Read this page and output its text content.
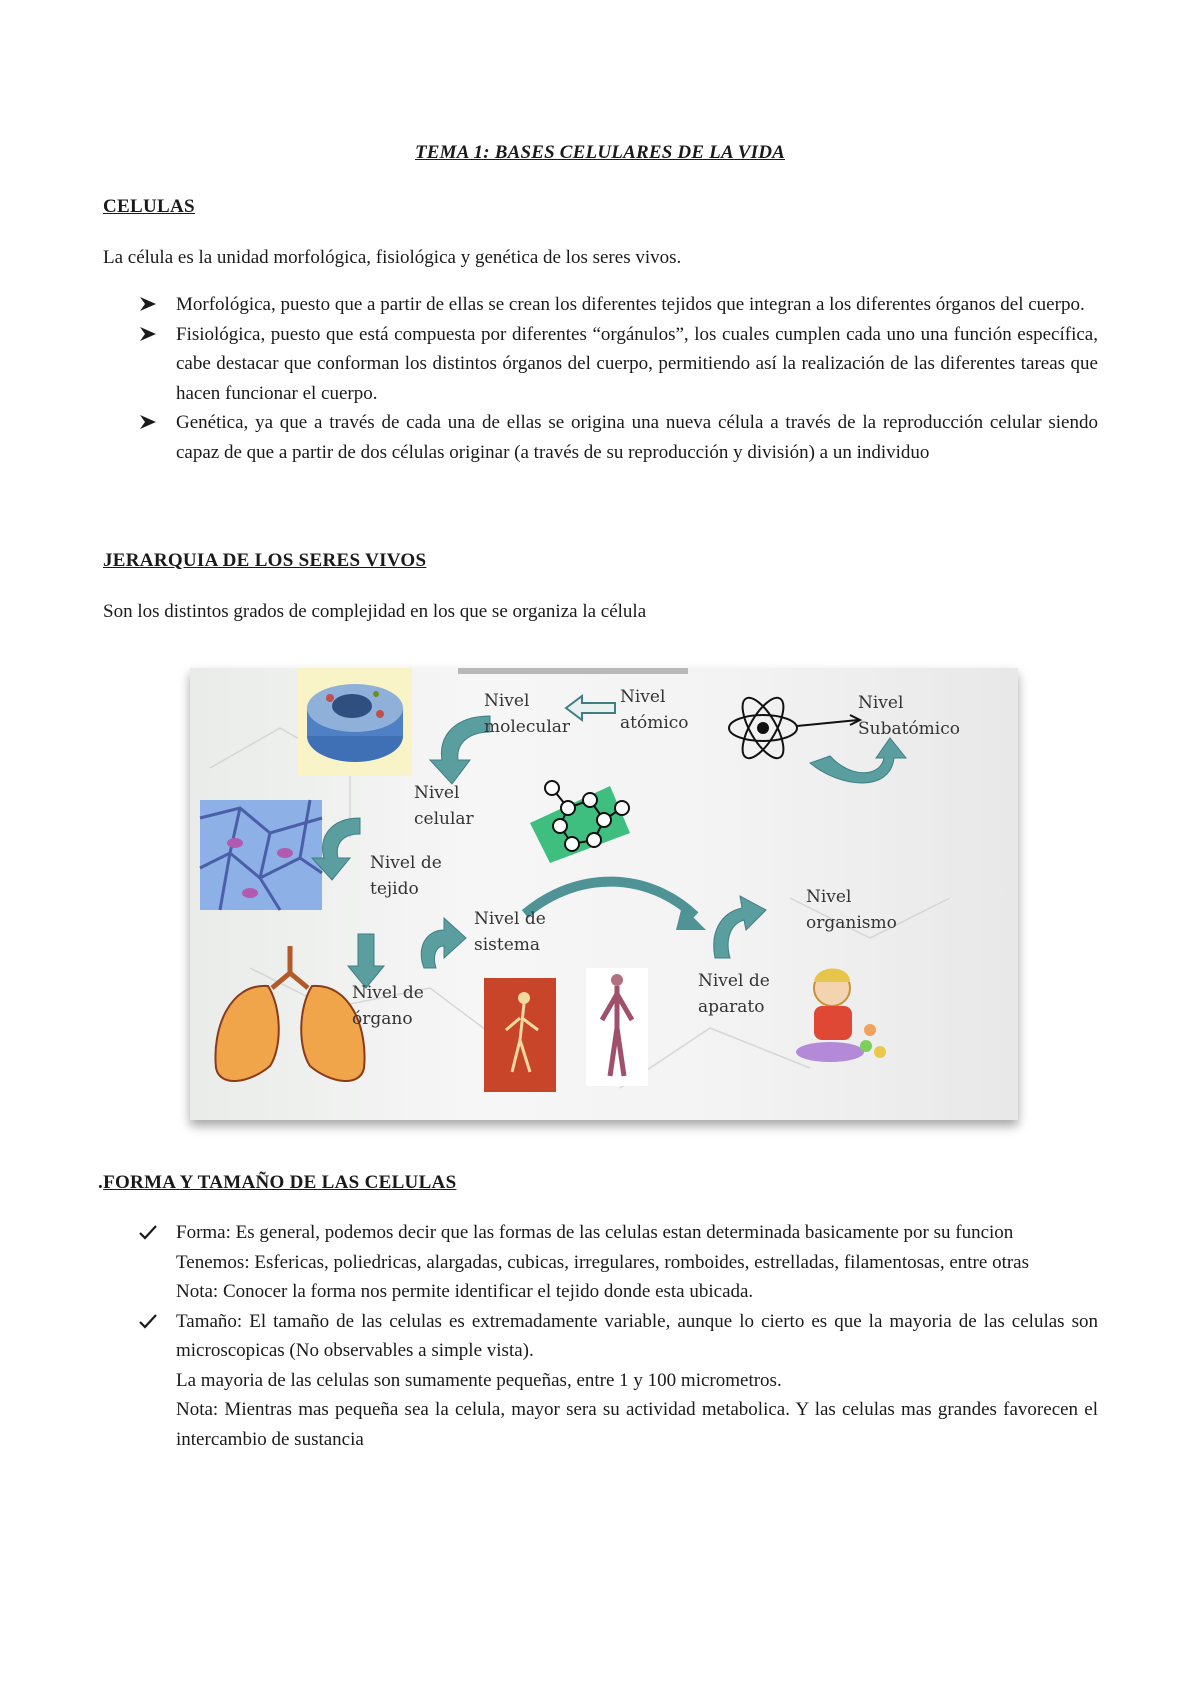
TEMA 1: BASES CELULARES DE LA VIDA
CELULAS
La célula es la unidad morfológica, fisiológica y genética de los seres vivos.
Morfológica, puesto que a partir de ellas se crean los diferentes tejidos que integran a los diferentes órganos del cuerpo.
Fisiológica, puesto que está compuesta por diferentes “orgánulos”, los cuales cumplen cada uno una función específica, cabe destacar que conforman los distintos órganos del cuerpo, permitiendo así la realización de las diferentes tareas que hacen funcionar el cuerpo.
Genética, ya que a través de cada una de ellas se origina una nueva célula a través de la reproducción celular siendo capaz de que a partir de dos células originar (a través de su reproducción y división) a un individuo
JERARQUIA DE LOS SERES VIVOS
Son los distintos grados de complejidad en los que se organiza la célula
Nivel
molecular
Nivel
atómico
Nivel
Subatómico
Nivel
celular
Nivel de
tejido
Nivel de
sistema
Nivel
organismo
Nivel de
órgano
Nivel de
aparato
.FORMA Y TAMAÑO DE LAS CELULAS
Forma: Es general, podemos decir que las formas de las celulas estan determinada basicamente por su funcion
Tenemos: Esfericas, poliedricas, alargadas, cubicas, irregulares, romboides, estrelladas, filamentosas, entre otras
Nota: Conocer la forma nos permite identificar el tejido donde esta ubicada.
Tamaño: El tamaño de las celulas es extremadamente variable, aunque lo cierto es que la mayoria de las celulas son microscopicas (No observables a simple vista).
La mayoria de las celulas son sumamente pequeñas, entre 1 y 100 micrometros.
Nota: Mientras mas pequeña sea la celula, mayor sera su actividad metabolica. Y las celulas mas grandes favorecen el intercambio de sustancia
